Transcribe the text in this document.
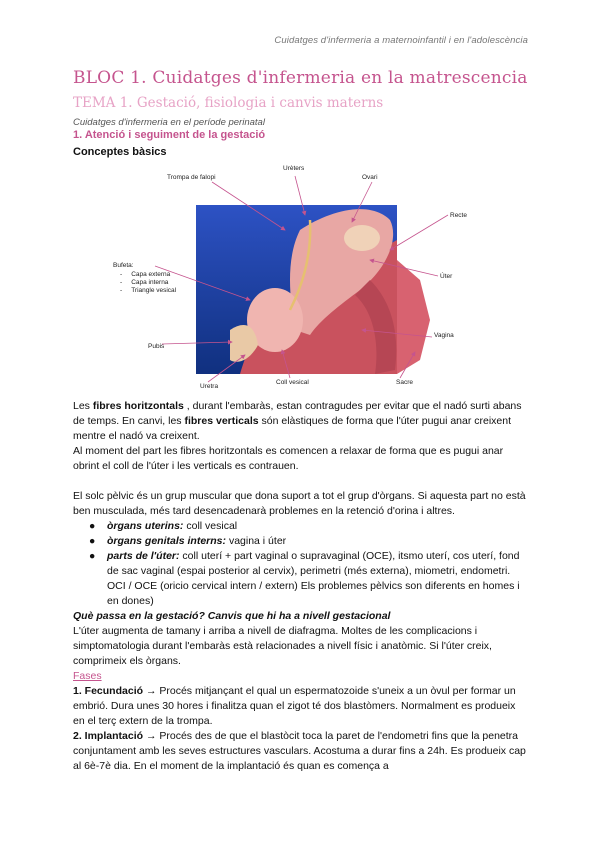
Cuidatges d'infermeria a maternoinfantil i en l'adolescència
BLOC 1. Cuidatges d'infermeria en la matrescencia
TEMA 1. Gestació, fisiologia i canvis materns
Cuidatges d'infermeria en el període perinatal
1. Atenció i seguiment de la gestació
Conceptes bàsics
Trompa de falopi
Urèters
Ovari
Recte
Úter
Bufeta:
-     Capa externa
-     Capa interna
-     Triangle vesical
Pubis
Vagina
Uretra
Coll vesical	Sacre

Les fibres horitzontals , durant l'embaràs, estan contragudes per evitar que el nadó surti abans de temps. En canvi, les fibres verticals són elàstiques de forma que l'úter pugui anar creixent mentre el nadó va creixent.

Al moment del part les fibres horitzontals es comencen a relaxar de forma que es pugui anar obrint el coll de l'úter i les verticals es contrauen.

El solc pèlvic és un grup muscular que dona suport a tot el grup d'òrgans. Si aquesta part no està ben musculada, més tard desencadenarà problemes en la retenció d'orina i altres.

● òrgans uterins: coll vesical
● òrgans genitals interns: vagina i úter
● parts de l'úter: coll uterí + part vaginal o supravaginal (OCE), itsmo uterí, cos uterí, fond de sac vaginal (espai posterior al cervix), perimetri (més externa), miometri, endometri. OCI / OCE (oricio cervical intern / extern) Els problemes pèlvics son diferents en homes i en dones)

Què passa en la gestació? Canvis que hi ha a nivell gestacional

L'úter augmenta de tamany i arriba a nivell de diafragma. Moltes de les complicacions i simptomatologia durant l'embaràs està relacionades a nivell físic i anatòmic. Si l'úter creix, comprimeix els òrgans.

Fases

1. Fecundació → Procés mitjançant el qual un espermatozoide s'uneix a un òvul per formar un embrió. Dura unes 30 hores i finalitza quan el zigot té dos blastòmers. Normalment es produeix en el terç extern de la trompa.

2. Implantació → Procés des de que el blastòcit toca la paret de l'endometri fins que la penetra conjuntament amb les seves estructures vasculars. Acostuma a durar fins a 24h. Es produeix cap al 6è-7è dia. En el moment de la implantació és quan es comença a
